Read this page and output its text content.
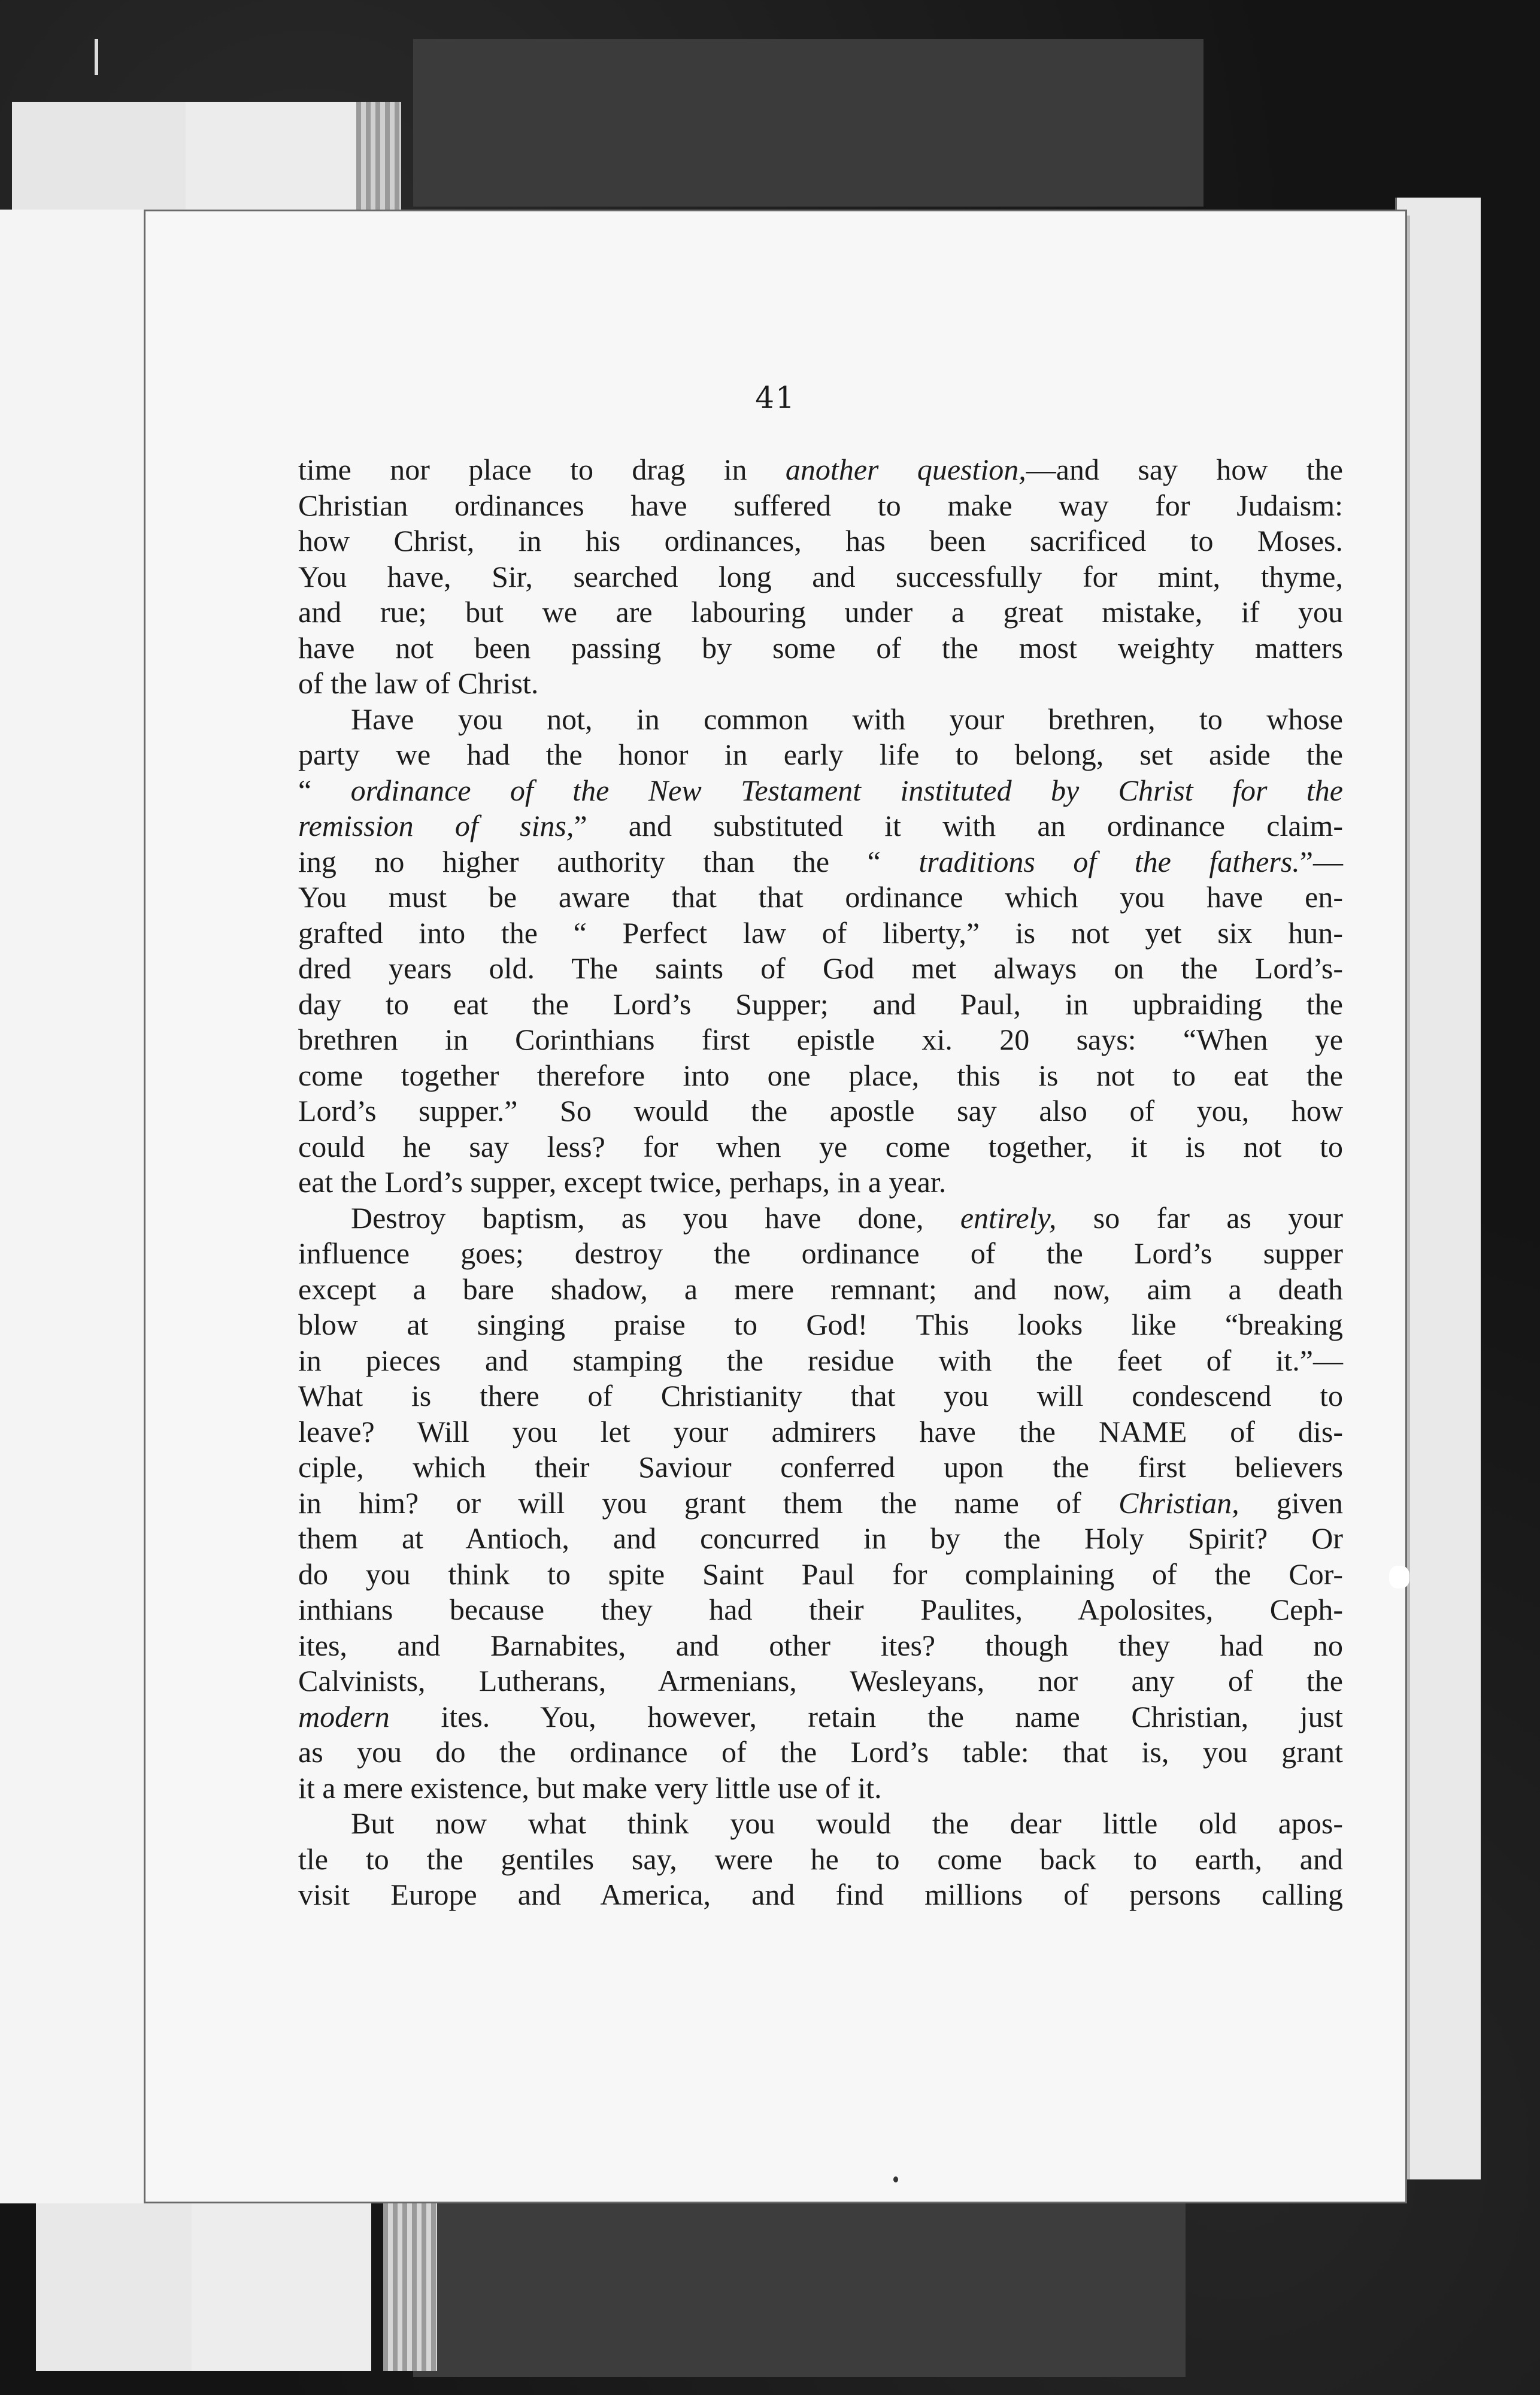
41
time nor place to drag in another question,—and say how the
Christian ordinances have suffered to make way for Judaism:
how Christ, in his ordinances, has been sacrificed to Moses.
You have, Sir, searched long and successfully for mint, thyme,
and rue; but we are labouring under a great mistake, if you
have not been passing by some of the most weighty matters
of the law of Christ.
Have you not, in common with your brethren, to whose
party we had the honor in early life to belong, set aside the
“ ordinance of the New Testament instituted by Christ for the
remission of sins,” and substituted it with an ordinance claim-
ing no higher authority than the “ traditions of the fathers.”—
You must be aware that that ordinance which you have en-
grafted into the “ Perfect law of liberty,” is not yet six hun-
dred years old. The saints of God met always on the Lord’s-
day to eat the Lord’s Supper; and Paul, in upbraiding the
brethren in Corinthians first epistle xi. 20 says: “When ye
come together therefore into one place, this is not to eat the
Lord’s supper.” So would the apostle say also of you, how
could he say less? for when ye come together, it is not to
eat the Lord’s supper, except twice, perhaps, in a year.
Destroy baptism, as you have done, entirely, so far as your
influence goes; destroy the ordinance of the Lord’s supper
except a bare shadow, a mere remnant; and now, aim a death
blow at singing praise to God! This looks like “breaking
in pieces and stamping the residue with the feet of it.”—
What is there of Christianity that you will condescend to
leave? Will you let your admirers have the NAME of dis-
ciple, which their Saviour conferred upon the first believers
in him? or will you grant them the name of Christian, given
them at Antioch, and concurred in by the Holy Spirit? Or
do you think to spite Saint Paul for complaining of the Cor-
inthians because they had their Paulites, Apolosites, Ceph-
ites, and Barnabites, and other ites? though they had no
Calvinists, Lutherans, Armenians, Wesleyans, nor any of the
modern ites. You, however, retain the name Christian, just
as you do the ordinance of the Lord’s table: that is, you grant
it a mere existence, but make very little use of it.
But now what think you would the dear little old apos-
tle to the gentiles say, were he to come back to earth, and
visit Europe and America, and find millions of persons calling
